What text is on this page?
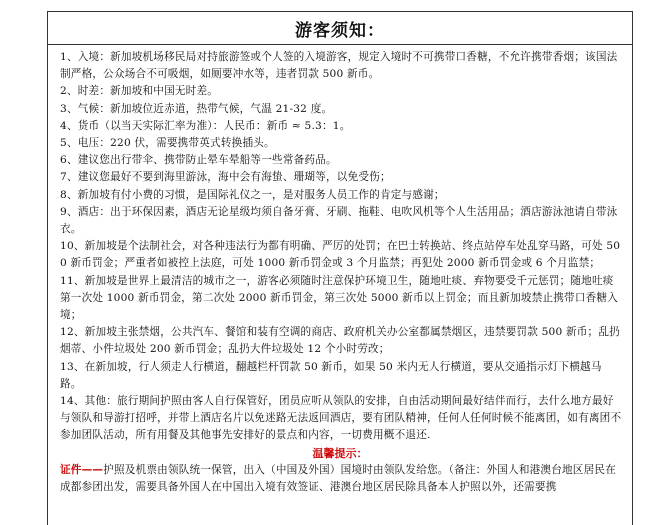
游客须知：
1、入境：新加坡机场移民局对持旅游签或个人签的入境游客，规定入境时不可携带口香糖，不允许携带香烟；该国法制严格，公众场合不可吸烟，如厕要冲水等，违者罚款 500 新币。
2、时差：新加坡和中国无时差。
3、气候：新加坡位近赤道，热带气候，气温 21-32 度。
4、货币（以当天实际汇率为准）：人民币：新币 ≈ 5.3：1。
5、电压：220 伏，需要携带英式转换插头。
6、建议您出行带伞、携带防止晕车晕船等一些常备药品。
7、建议您最好不要到海里游泳，海中会有海蛰、珊瑚等，以免受伤；
8、新加坡有付小费的习惯，是国际礼仪之一，是对服务人员工作的肯定与感谢；
9、酒店：出于环保因素，酒店无论星级均须自备牙膏、牙刷、拖鞋、电吹风机等个人生活用品；酒店游泳池请自带泳衣。
10、新加坡是个法制社会，对各种违法行为都有明确、严厉的处罚；在巴士转换站、终点站停车处乱穿马路，可处 500 新币罚金；严重者如被控上法庭，可处 1000 新币罚金或 3 个月监禁；再犯处 2000 新币罚金或 6 个月监禁；
11、新加坡是世界上最清洁的城市之一，游客必须随时注意保护环境卫生，随地吐痰、弃物要受千元惩罚；随地吐痰第一次处 1000 新币罚金，第二次处 2000 新币罚金，第三次处 5000 新币以上罚金；而且新加坡禁止携带口香糖入境；
12、新加坡主张禁烟，公共汽车、餐馆和装有空调的商店、政府机关办公室都属禁烟区，违禁要罚款 500 新币；乱扔烟蒂、小件垃圾处 200 新币罚金；乱扔大件垃圾处 12 个小时劳改；
13、在新加坡，行人须走人行横道，翻越栏杆罚款 50 新币，如果 50 米内无人行横道，要从交通指示灯下横越马路。
14、其他：旅行期间护照由客人自行保管好，团员应听从领队的安排，自由活动期间最好结伴而行，去什么地方最好与领队和导游打招呼，并带上酒店名片以免迷路无法返回酒店，要有团队精神，任何人任何时候不能离团，如有离团不参加团队活动，所有用餐及其他事先安排好的景点和内容，一切费用概不退还.
温馨提示：
证件——护照及机票由领队统一保管，出入（中国及外国）国境时由领队发给您。（备注：外国人和港澳台地区居民在成都参团出发，需要具备外国人在中国出入境有效签证、港澳台地区居民除具备本人护照以外，还需要携
